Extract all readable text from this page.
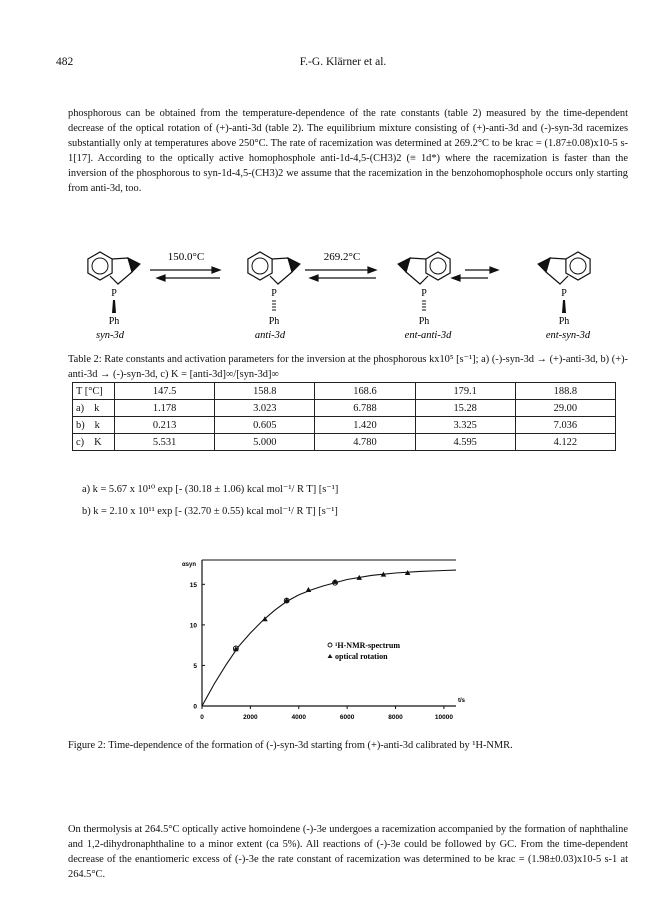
482	F.-G. Klärner et al.
phosphorous can be obtained from the temperature-dependence of the rate constants (table 2) measured by the time-dependent decrease of the optical rotation of (+)-anti-3d (table 2). The equilibrium mixture consisting of (+)-anti-3d and (-)-syn-3d racemizes substantially only at temperatures above 250°C. The rate of racemization was determined at 269.2°C to be krac = (1.87±0.08)x10-5 s-1[17]. According to the optically active homophosphole anti-1d-4,5-(CH3)2 (≡ 1d*) where the racemization is faster than the inversion of the phosphorous to syn-1d-4,5-(CH3)2 we assume that the racemization in the benzohomophosphole occurs only starting from anti-3d, too.
P
Ph
P
Ph
P
Ph
P
Ph
150.0°C	269.2°C
syn-3d	anti-3d	ent-anti-3d	ent-syn-3d
Table 2: Rate constants and activation parameters for the inversion at the phosphorous kx10⁵ [s⁻¹]; a) (-)-syn-3d → (+)-anti-3d, b) (+)-anti-3d → (-)-syn-3d, c) K = [anti-3d]∞/[syn-3d]∞
T [°C]	147.5	158.8	168.6	179.1	188.8
a) k	1.178	3.023	6.788	15.28	29.00
b) k	0.213	0.605	1.420	3.325	7.036
c) K	5.531	5.000	4.780	4.595	4.122
a) k = 5.67 x 10¹⁰ exp [- (30.18 ± 1.06) kcal mol⁻¹/ R T] [s⁻¹]
b) k = 2.10 x 10¹¹ exp [- (32.70 ± 0.55) kcal mol⁻¹/ R T] [s⁻¹]
0	2000	4000	6000	8000	10000
0
5
10
15
αsyn
t/s
¹H-NMR-spectrum
optical rotation
Figure 2: Time-dependence of the formation of (-)-syn-3d starting from (+)-anti-3d calibrated by ¹H-NMR.
On thermolysis at 264.5°C optically active homoindene (-)-3e undergoes a racemization accompanied by the formation of naphthaline and 1,2-dihydronaphthaline to a minor extent (ca 5%). All reactions of (-)-3e could be followed by GC. From the time-dependent decrease of the enantiomeric excess of (-)-3e the rate constant of racemization was determined to be krac = (1.98±0.03)x10-5 s-1 at 264.5°C.
